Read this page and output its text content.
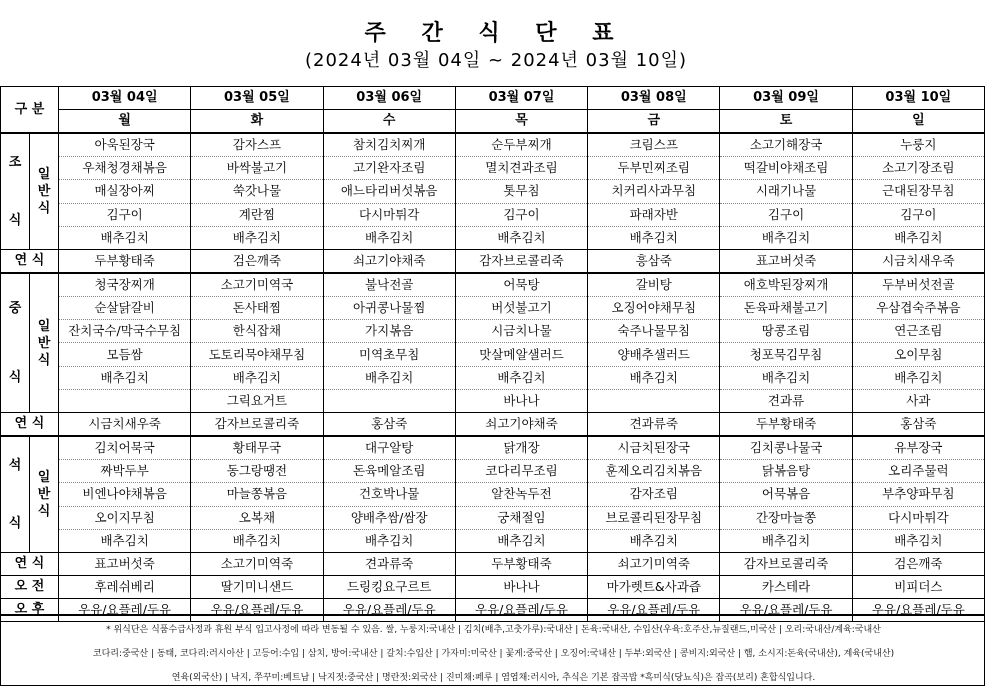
주 간 식 단 표
(2024년 03월 04일 ~ 2024년 03월 10일)
구 분		03월 04일	03월 05일	03월 06일	03월 07일	03월 08일	03월 09일	03월 10일
		월	화	수	목	금	토	일

조
식	일
반
식	아욱된장국	감자스프	참치김치찌개	순두부찌개	크림스프	소고기해장국	누룽지
		우채청경채볶음	바싹불고기	고기완자조림	멸치견과조림	두부민찌조림	떡갈비야채조림	소고기장조림
		매실장아찌	쑥갓나물	애느타리버섯볶음	톳무침	치커리사과무침	시래기나물	근대된장무침
		김구이	계란찜	다시마튀각	김구이	파래자반	김구이	김구이
		배추김치	배추김치	배추김치	배추김치	배추김치	배추김치	배추김치
연 식		두부황태죽	검은깨죽	쇠고기야채죽	감자브로콜리죽	흥삼죽	표고버섯죽	시금치새우죽

중
식	일
반
식	청국장찌개	소고기미역국	불낙전골	어묵탕	갈비탕	애호박된장찌개	두부버섯전골
		순살닭갈비	돈사태찜	아귀콩나물찜	버섯불고기	오징어야채무침	돈육파채불고기	우삼겹숙주볶음
		잔치국수/막국수무침	한식잡채	가지볶음	시금치나물	숙주나물무침	땅콩조림	연근조림
		모듬쌈	도토리묵야채무침	미역초무침	맛살메알샐러드	양배추샐러드	청포묵김무침	오이무침
		배추김치	배추김치	배추김치	배추김치	배추김치	배추김치	배추김치
			그릭요거트		바나나		견과류	사과
연 식		시금치새우죽	감자브로콜리죽	홍삼죽	쇠고기야채죽	견과류죽	두부황태죽	홍삼죽

석
식	일
반
식	김치어묵국	황태무국	대구알탕	닭개장	시금치된장국	김치콩나물국	유부장국
		짜박두부	동그랑땡전	돈육메알조림	코다리무조림	훈제오리김치볶음	닭볶음탕	오리주물럭
		비엔나야채볶음	마늘쫑볶음	건호박나물	알찬녹두전	감자조림	어묵볶음	부추양파무침
		오이지무침	오복채	양배추쌈/쌈장	궁채절임	브로콜리된장무침	간장마늘쫑	다시마튀각
		배추김치	배추김치	배추김치	배추김치	배추김치	배추김치	배추김치
연 식		표고버섯죽	소고기미역죽	견과류죽	두부황태죽	쇠고기미역죽	감자브로콜리죽	검은깨죽
오 전		후레쉬베리	딸기미니샌드	드링킹요구르트	바나나	마가렛트&사과즙	카스테라	비피더스
오 후		우유/요플레/두유	우유/요플레/두유	우유/요플레/두유	우유/요플레/두유	우유/요플레/두유	우유/요플레/두유	우유/요플레/두유
* 위식단은 식품수급사정과 휴원 부식 입고사정에 따라 변동될 수 있음. 쌀, 누룽지:국내산 | 김치(배추,고춧가루):국내산 | 돈육:국내산, 수입산(우육:호주산,뉴질랜드,미국산 | 오리:국내산/계육:국내산
코다리:중국산 | 동태, 코다리:러시아산 | 고등어:수입 | 삼치, 방어:국내산 | 갈치:수입산 | 가자미:미국산 | 꽃게:중국산 | 오징어:국내산 | 두부:외국산 | 콩비지:외국산 | 햄, 소시지:돈육(국내산), 계육(국내산)
연육(외국산) | 낙지, 쭈꾸미:베트남 | 낙지젓:중국산 | 명란젓:외국산 | 진미채:페루 | 염엽채:러시아, 추식은 기본 잡곡밥 *흑미식(당뇨식)은 잡곡(보리) 혼합식입니다.
